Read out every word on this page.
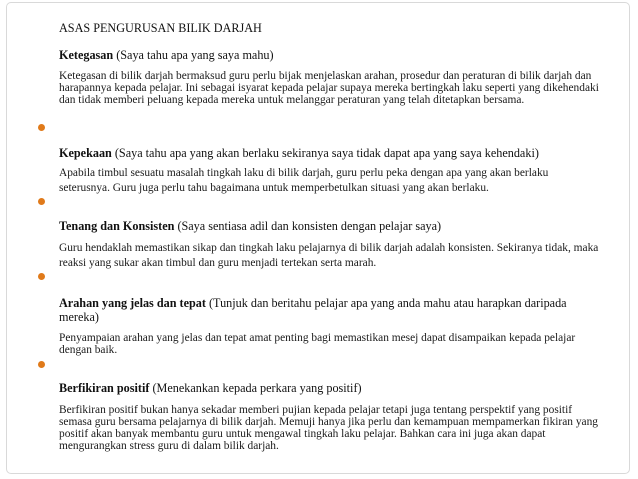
ASAS PENGURUSAN BILIK DARJAH
Ketegasan (Saya tahu apa yang saya mahu)
Ketegasan di bilik darjah bermaksud guru perlu bijak menjelaskan arahan, prosedur dan peraturan di bilik darjah dan harapannya kepada pelajar. Ini sebagai isyarat kepada pelajar supaya mereka bertingkah laku seperti yang dikehendaki dan tidak memberi peluang kepada mereka untuk melanggar peraturan yang telah ditetapkan bersama.
Kepekaan (Saya tahu apa yang akan berlaku sekiranya saya tidak dapat apa yang saya kehendaki)
Apabila timbul sesuatu masalah tingkah laku di bilik darjah, guru perlu peka dengan apa yang akan berlaku seterusnya. Guru juga perlu tahu bagaimana untuk memperbetulkan situasi yang akan berlaku.
Tenang dan Konsisten (Saya sentiasa adil dan konsisten dengan pelajar saya)
Guru hendaklah memastikan sikap dan tingkah laku pelajarnya di bilik darjah adalah konsisten. Sekiranya tidak, maka reaksi yang sukar akan timbul dan guru menjadi tertekan serta marah.
Arahan yang jelas dan tepat (Tunjuk dan beritahu pelajar apa yang anda mahu atau harapkan daripada mereka)
Penyampaian arahan yang jelas dan tepat amat penting bagi memastikan mesej dapat disampaikan kepada pelajar dengan baik.
Berfikiran positif (Menekankan kepada perkara yang positif)
Berfikiran positif bukan hanya sekadar memberi pujian kepada pelajar tetapi juga tentang perspektif yang positif semasa guru bersama pelajarnya di bilik darjah. Memuji hanya jika perlu dan kemampuan mempamerkan fikiran yang positif akan banyak membantu guru untuk mengawal tingkah laku pelajar. Bahkan cara ini juga akan dapat mengurangkan stress guru di dalam bilik darjah.
